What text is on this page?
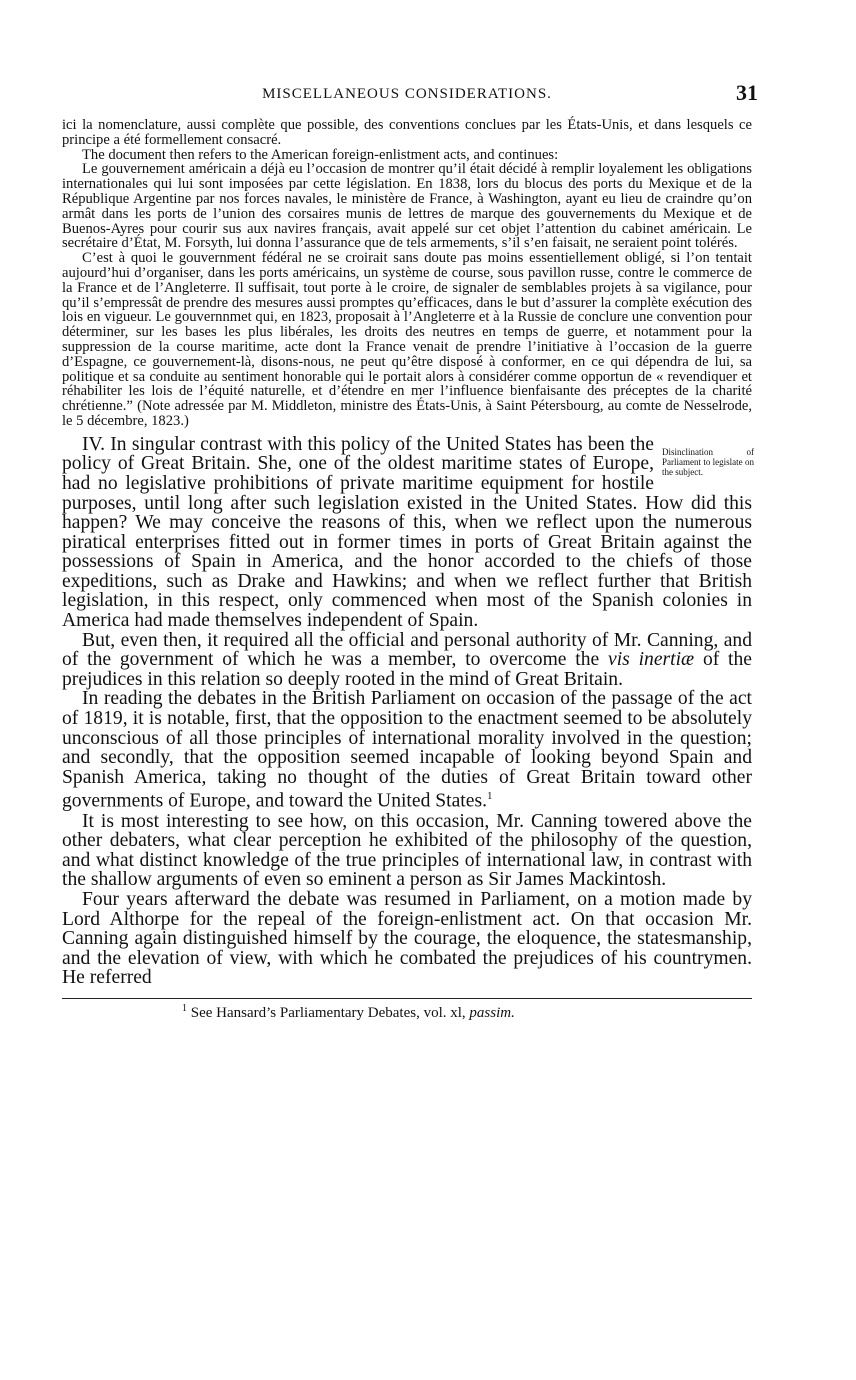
MISCELLANEOUS CONSIDERATIONS.	31

ici la nomenclature, aussi complète que possible, des conventions conclues par les États-Unis, et dans lesquels ce principe a été formellement consacré.

The document then refers to the American foreign-enlistment acts, and continues:

Le gouvernement américain a déjà eu l’occasion de montrer qu’il était décidé à remplir loyalement les obligations internationales qui lui sont imposées par cette législation. En 1838, lors du blocus des ports du Mexique et de la République Argentine par nos forces navales, le ministère de France, à Washington, ayant eu lieu de craindre qu’on armât dans les ports de l’union des corsaires munis de lettres de marque des gouvernements du Mexique et de Buenos-Ayres pour courir sus aux navires français, avait appelé sur cet objet l’attention du cabinet américain. Le secrétaire d’État, M. Forsyth, lui donna l’assurance que de tels armements, s’il s’en faisait, ne seraient point tolérés.

C’est à quoi le gouvernment fédéral ne se croirait sans doute pas moins essentiellement obligé, si l’on tentait aujourd’hui d’organiser, dans les ports américains, un système de course, sous pavillon russe, contre le commerce de la France et de l’Angleterre. Il suffisait, tout porte à le croire, de signaler de semblables projets à sa vigilance, pour qu’il s’empressât de prendre des mesures aussi promptes qu’efficaces, dans le but d’assurer la complète exécution des lois en vigueur. Le gouvernnmet qui, en 1823, proposait à l’Angleterre et à la Russie de conclure une convention pour déterminer, sur les bases les plus libérales, les droits des neutres en temps de guerre, et notamment pour la suppression de la course maritime, acte dont la France venait de prendre l’initiative à l’occasion de la guerre d’Espagne, ce gouvernement-là, disons-nous, ne peut qu’être disposé à conformer, en ce qui dépendra de lui, sa politique et sa conduite au sentiment honorable qui le portait alors à considérer comme opportun de « revendiquer et réhabiliter les lois de l’équité naturelle, et d’étendre en mer l’influence bienfaisante des préceptes de la charité chrétienne.” (Note adressée par M. Middleton, ministre des États-Unis, à Saint Pétersbourg, au comte de Nesselrode, le 5 décembre, 1823.)

Disinclination of Parliament to legislate on the subject.

IV. In singular contrast with this policy of the United States has been the policy of Great Britain. She, one of the oldest maritime states of Europe, had no legislative prohibitions of private maritime equipment for hostile purposes, until long after such legislation existed in the United States. How did this happen? We may conceive the reasons of this, when we reflect upon the numerous piratical enterprises fitted out in former times in ports of Great Britain against the possessions of Spain in America, and the honor accorded to the chiefs of those expeditions, such as Drake and Hawkins; and when we reflect further that British legislation, in this respect, only commenced when most of the Spanish colonies in America had made themselves independent of Spain.

But, even then, it required all the official and personal authority of Mr. Canning, and of the government of which he was a member, to overcome the vis inertiæ of the prejudices in this relation so deeply rooted in the mind of Great Britain.

In reading the debates in the British Parliament on occasion of the passage of the act of 1819, it is notable, first, that the opposition to the enactment seemed to be absolutely unconscious of all those principles of international morality involved in the question; and secondly, that the opposition seemed incapable of looking beyond Spain and Spanish America, taking no thought of the duties of Great Britain toward other governments of Europe, and toward the United States.$^1$

It is most interesting to see how, on this occasion, Mr. Canning towered above the other debaters, what clear perception he exhibited of the philosophy of the question, and what distinct knowledge of the true principles of international law, in contrast with the shallow arguments of even so eminent a person as Sir James Mackintosh.

Four years afterward the debate was resumed in Parliament, on a motion made by Lord Althorpe for the repeal of the foreign-enlistment act. On that occasion Mr. Canning again distinguished himself by the courage, the eloquence, the statesmanship, and the elevation of view, with which he combated the prejudices of his countrymen. He referred

$^1$ See Hansard’s Parliamentary Debates, vol. xl, passim.
